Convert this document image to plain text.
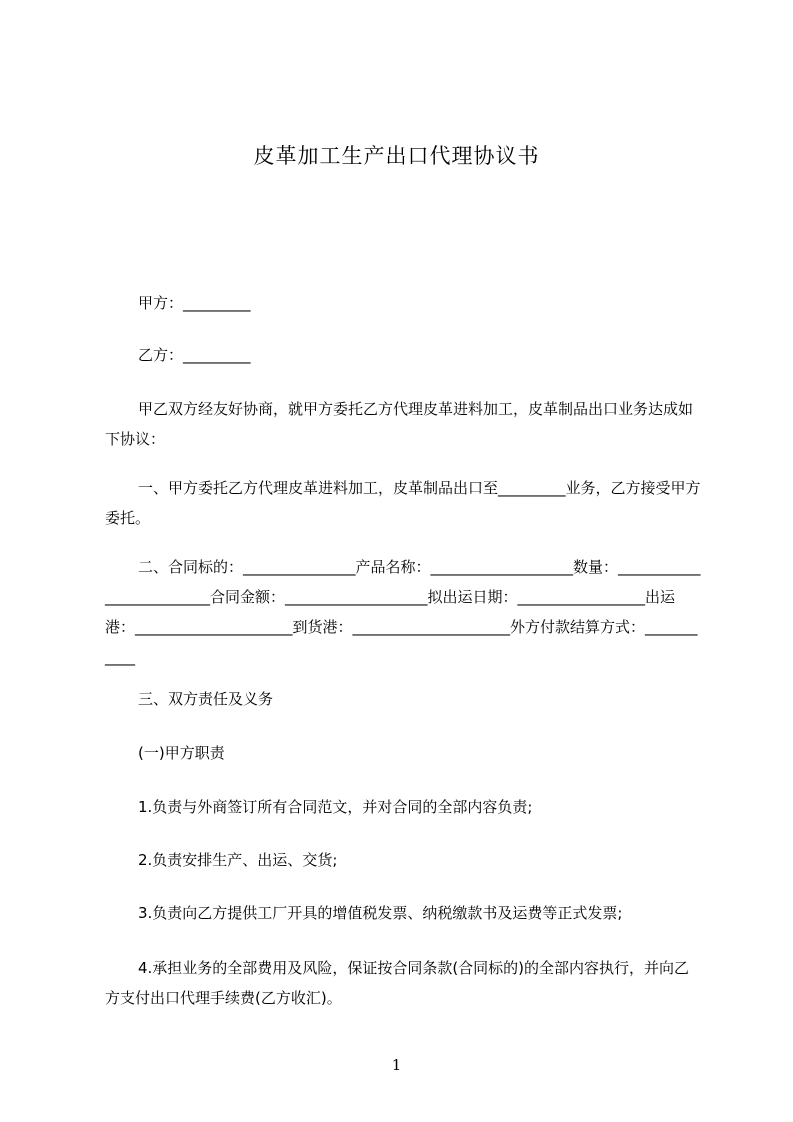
皮革加工生产出口代理协议书
甲方：_________
乙方：_________
甲乙双方经友好协商，就甲方委托乙方代理皮革进料加工，皮革制品出口业务达成如下协议：
一、甲方委托乙方代理皮革进料加工，皮革制品出口至_________业务，乙方接受甲方委托。
二、合同标的：_______________产品名称：___________________数量：_________________________合同金额：___________________拟出运日期：_________________出运港：_____________________到货港：_____________________外方付款结算方式：___________
三、双方责任及义务
(一)甲方职责
1.负责与外商签订所有合同范文，并对合同的全部内容负责;
2.负责安排生产、出运、交货;
3.负责向乙方提供工厂开具的增值税发票、纳税缴款书及运费等正式发票;
4.承担业务的全部费用及风险，保证按合同条款(合同标的)的全部内容执行，并向乙方支付出口代理手续费(乙方收汇)。
1
